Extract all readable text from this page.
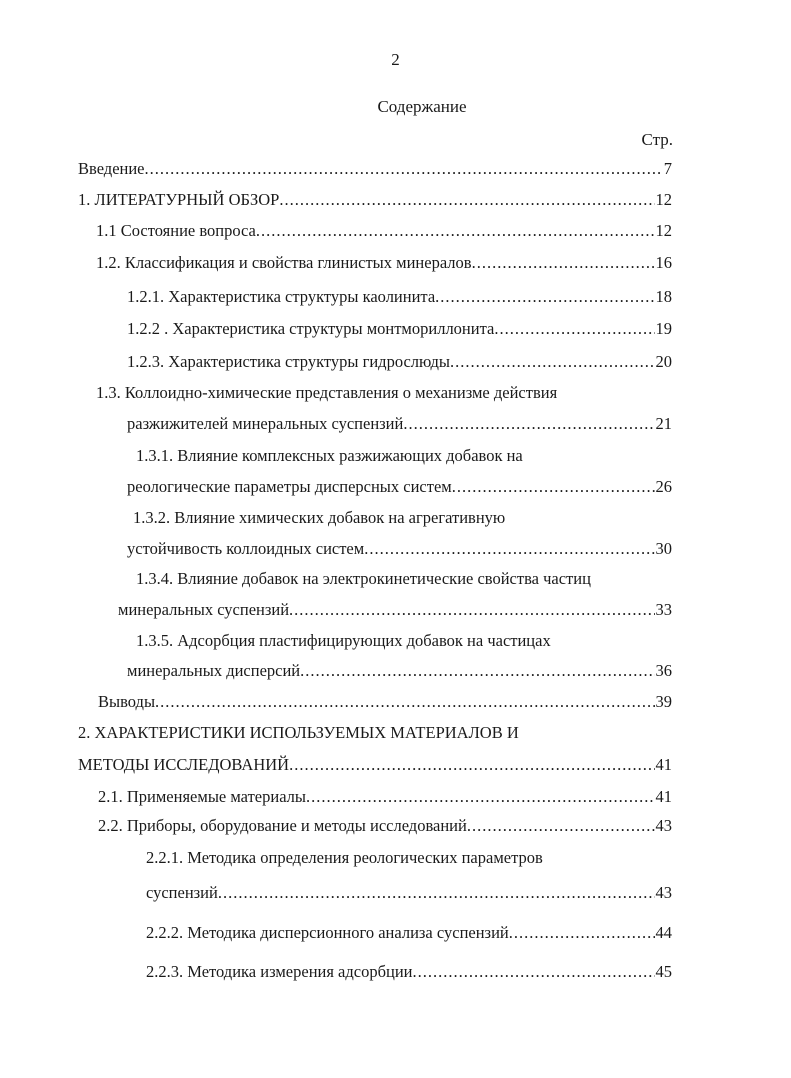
2
Содержание
Стр.
Введение .....	7
1. ЛИТЕРАТУРНЫЙ ОБЗОР .....	12
1.1 Состояние вопроса .....	12
1.2. Классификация и свойства глинистых минералов .....	16
1.2.1. Характеристика структуры каолинита .....	18
1.2.2 . Характеристика структуры монтмориллонита .....	19
1.2.3. Характеристика структуры гидрослюды .....	20
1.3. Коллоидно-химические представления о механизме действия
разжижителей минеральных суспензий .....	21
1.3.1. Влияние комплексных разжижающих добавок на
реологические параметры дисперсных систем .....	26
1.3.2. Влияние химических добавок на агрегативную
устойчивость коллоидных систем .....	30
1.3.4. Влияние добавок на электрокинетические свойства частиц
минеральных суспензий .....	33
1.3.5. Адсорбция пластифицирующих добавок на частицах
минеральных дисперсий .....	36
Выводы .....	39
2. ХАРАКТЕРИСТИКИ ИСПОЛЬЗУЕМЫХ МАТЕРИАЛОВ И
МЕТОДЫ ИССЛЕДОВАНИЙ .....	41
2.1. Применяемые материалы .....	41
2.2. Приборы, оборудование и методы исследований .....	43
2.2.1. Методика определения реологических параметров
суспензий .....	43
2.2.2. Методика дисперсионного анализа суспензий .....	44
2.2.3. Методика измерения адсорбции .....	45
